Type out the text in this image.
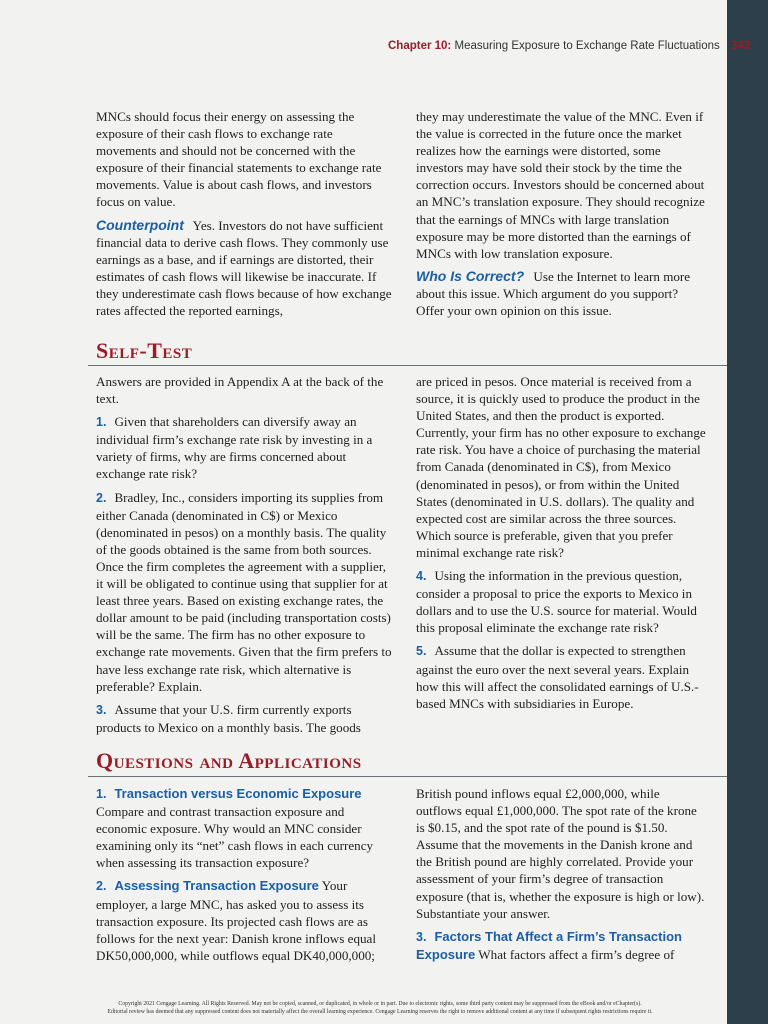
Chapter 10: Measuring Exposure to Exchange Rate Fluctuations 343

MNCs should focus their energy on assessing the exposure of their cash flows to exchange rate movements and should not be concerned with the exposure of their financial statements to exchange rate movements. Value is about cash flows, and investors focus on value.

Counterpoint Yes. Investors do not have sufficient financial data to derive cash flows. They commonly use earnings as a base, and if earnings are distorted, their estimates of cash flows will likewise be inaccurate. If they underestimate cash flows because of how exchange rates affected the reported earnings,

they may underestimate the value of the MNC. Even if the value is corrected in the future once the market realizes how the earnings were distorted, some investors may have sold their stock by the time the correction occurs. Investors should be concerned about an MNC’s translation exposure. They should recognize that the earnings of MNCs with large translation exposure may be more distorted than the earnings of MNCs with low translation exposure.

Who Is Correct? Use the Internet to learn more about this issue. Which argument do you support? Offer your own opinion on this issue.

Self-Test

Answers are provided in Appendix A at the back of the text.

1. Given that shareholders can diversify away an individual firm’s exchange rate risk by investing in a variety of firms, why are firms concerned about exchange rate risk?

2. Bradley, Inc., considers importing its supplies from either Canada (denominated in C$) or Mexico (denominated in pesos) on a monthly basis. The quality of the goods obtained is the same from both sources. Once the firm completes the agreement with a supplier, it will be obligated to continue using that supplier for at least three years. Based on existing exchange rates, the dollar amount to be paid (including transportation costs) will be the same. The firm has no other exposure to exchange rate movements. Given that the firm prefers to have less exchange rate risk, which alternative is preferable? Explain.

3. Assume that your U.S. firm currently exports products to Mexico on a monthly basis. The goods

are priced in pesos. Once material is received from a source, it is quickly used to produce the product in the United States, and then the product is exported. Currently, your firm has no other exposure to exchange rate risk. You have a choice of purchasing the material from Canada (denominated in C$), from Mexico (denominated in pesos), or from within the United States (denominated in U.S. dollars). The quality and expected cost are similar across the three sources. Which source is preferable, given that you prefer minimal exchange rate risk?

4. Using the information in the previous question, consider a proposal to price the exports to Mexico in dollars and to use the U.S. source for material. Would this proposal eliminate the exchange rate risk?

5. Assume that the dollar is expected to strengthen against the euro over the next several years. Explain how this will affect the consolidated earnings of U.S.-based MNCs with subsidiaries in Europe.

Questions and Applications

1. Transaction versus Economic Exposure Compare and contrast transaction exposure and economic exposure. Why would an MNC consider examining only its “net” cash flows in each currency when assessing its transaction exposure?

2. Assessing Transaction Exposure Your employer, a large MNC, has asked you to assess its transaction exposure. Its projected cash flows are as follows for the next year: Danish krone inflows equal DK50,000,000, while outflows equal DK40,000,000;

British pound inflows equal £2,000,000, while outflows equal £1,000,000. The spot rate of the krone is $0.15, and the spot rate of the pound is $1.50. Assume that the movements in the Danish krone and the British pound are highly correlated. Provide your assessment of your firm’s degree of transaction exposure (that is, whether the exposure is high or low). Substantiate your answer.

3. Factors That Affect a Firm’s Transaction Exposure What factors affect a firm’s degree of

Copyright 2021 Cengage Learning. All Rights Reserved. May not be copied, scanned, or duplicated, in whole or in part. Due to electronic rights, some third party content may be suppressed from the eBook and/or eChapter(s).
Editorial review has deemed that any suppressed content does not materially affect the overall learning experience. Cengage Learning reserves the right to remove additional content at any time if subsequent rights restrictions require it.
